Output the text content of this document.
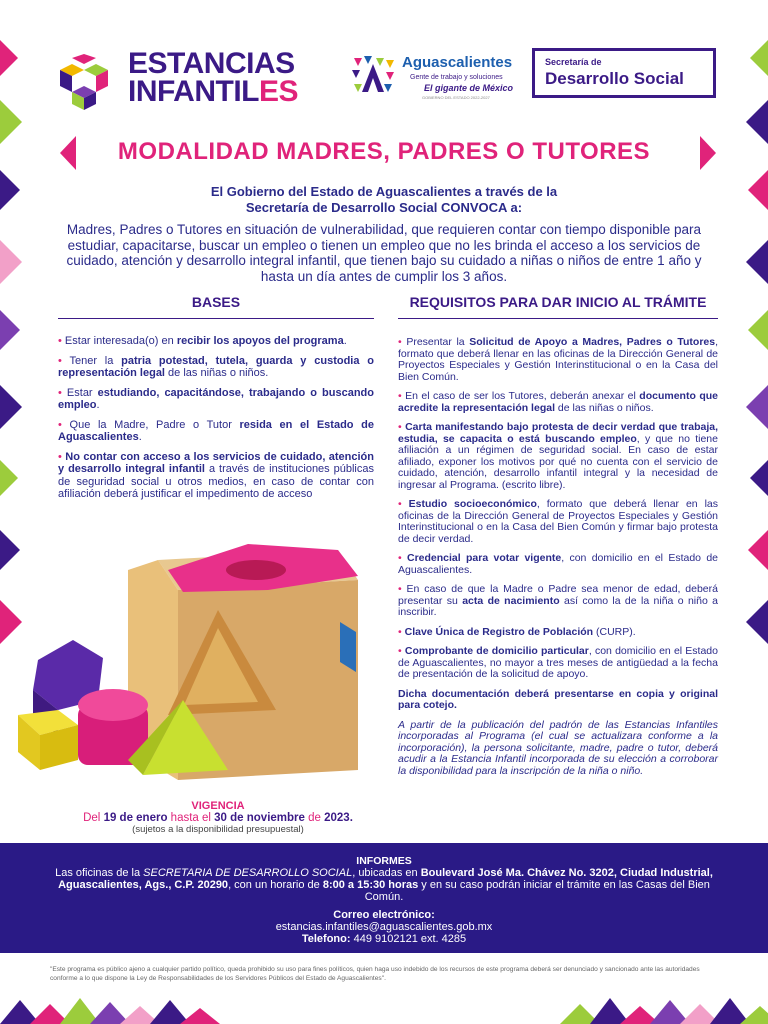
ESTANCIAS
INFANTILES
Aguascalientes
Gente de trabajo y soluciones
El gigante de México
GOBIERNO DEL ESTADO 2022-2027
Secretaría de
Desarrollo Social
MODALIDAD MADRES, PADRES O TUTORES
El Gobierno del Estado de Aguascalientes a través de la
Secretaría de Desarrollo Social CONVOCA a:
Madres, Padres o Tutores en situación de vulnerabilidad, que requieren contar con tiempo disponible para estudiar, capacitarse, buscar un empleo o tienen un empleo que no les brinda el acceso a los servicios de cuidado, atención y desarrollo integral infantil, que tienen bajo su cuidado a niñas o niños de entre 1 año y hasta un día antes de cumplir los 3 años.
BASES	REQUISITOS PARA DAR INICIO AL TRÁMITE

• Estar interesada(o) en recibir los apoyos del programa.

• Tener la patria potestad, tutela, guarda y custodia o representación legal de las niñas o niños.

• Estar estudiando, capacitándose, trabajando o buscando empleo.

• Que la Madre, Padre o Tutor resida en el Estado de Aguascalientes.

• No contar con acceso a los servicios de cuidado, atención y desarrollo integral infantil a través de instituciones públicas de seguridad social u otros medios, en caso de contar con afiliación deberá justificar el impedimento de acceso

• Presentar la Solicitud de Apoyo a Madres, Padres o Tutores, formato que deberá llenar en las oficinas de la Dirección General de Proyectos Especiales y Gestión Interinstitucional o en la Casa del Bien Común.

• En el caso de ser los Tutores, deberán anexar el documento que acredite la representación legal de las niñas o niños.

• Carta manifestando bajo protesta de decir verdad que trabaja, estudia, se capacita o está buscando empleo, y que no tiene afiliación a un régimen de seguridad social. En caso de estar afiliado, exponer los motivos por qué no cuenta con el servicio de cuidado, atención, desarrollo infantil integral y la necesidad de ingresar al Programa. (escrito libre).

• Estudio socioeconómico, formato que deberá llenar en las oficinas de la Dirección General de Proyectos Especiales y Gestión Interinstitucional o en la Casa del Bien Común y firmar bajo protesta de decir verdad.

• Credencial para votar vigente, con domicilio en el Estado de Aguascalientes.

• En caso de que la Madre o Padre sea menor de edad, deberá presentar su acta de nacimiento así como la de la niña o niño a inscribir.

• Clave Única de Registro de Población (CURP).

• Comprobante de domicilio particular, con domicilio en el Estado de Aguascalientes, no mayor a tres meses de antigüedad a la fecha de presentación de la solicitud de apoyo.

Dicha documentación deberá presentarse en copia y original para cotejo.

A partir de la publicación del padrón de las Estancias Infantiles incorporadas al Programa (el cual se actualizara conforme a la incorporación), la persona solicitante, madre, padre o tutor, deberá acudir a la Estancia Infantil incorporada de su elección a corroborar la disponibilidad para la inscripción de la niña o niño.

VIGENCIA
Del 19 de enero hasta el 30 de noviembre de 2023.
(sujetos a la disponibilidad presupuestal)
INFORMES
Las oficinas de la SECRETARIA DE DESARROLLO SOCIAL, ubicadas en Boulevard José Ma. Chávez No. 3202, Ciudad Industrial, Aguascalientes, Ags., C.P. 20290, con un horario de 8:00 a 15:30 horas y en su caso podrán iniciar el trámite en las Casas del Bien Común.
Correo electrónico:
estancias.infantiles@aguascalientes.gob.mx
Telefono: 449 9102121 ext. 4285
"Este programa es público ajeno a cualquier partido político, queda prohibido su uso para fines políticos, quien haga uso indebido de los recursos de este programa deberá ser denunciado y sancionado ante las autoridades conforme a lo que dispone la Ley de Responsabilidades de los Servidores Públicos del Estado de Aguascalientes".
